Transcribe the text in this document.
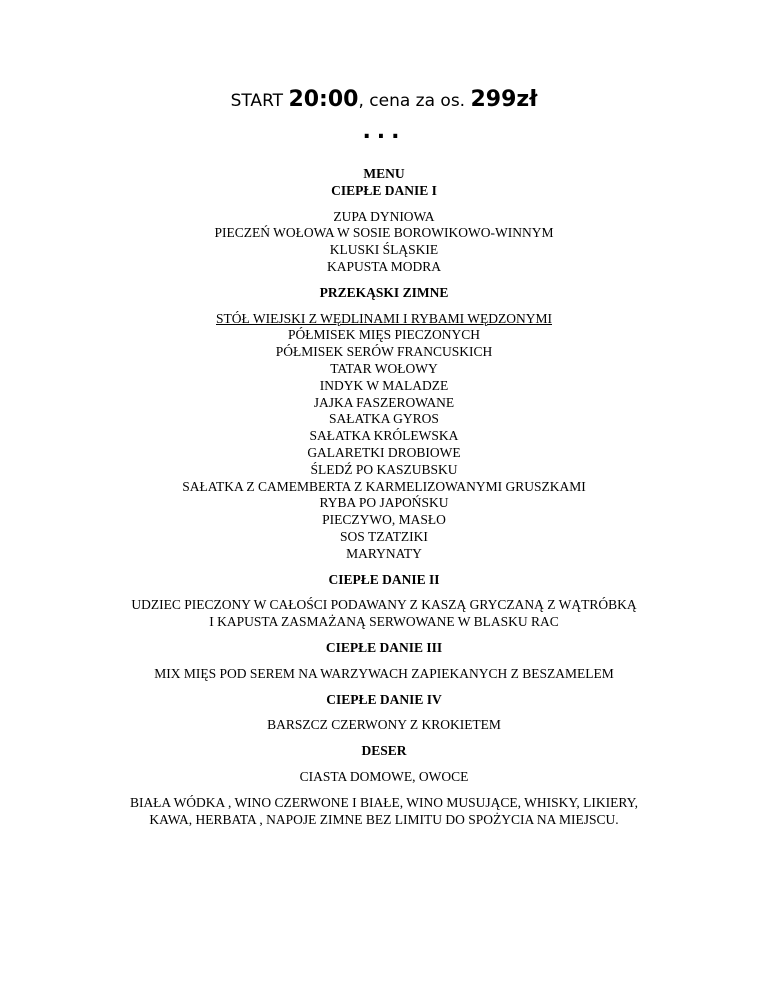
START 20:00, cena za os. 299zł
...
MENU
CIEPŁE DANIE I
ZUPA DYNIOWA
PIECZEŃ WOŁOWA W SOSIE BOROWIKOWO-WINNYM
KLUSKI ŚLĄSKIE
KAPUSTA MODRA
PRZEKĄSKI ZIMNE
STÓŁ WIEJSKI Z WĘDLINAMI I RYBAMI WĘDZONYMI
PÓŁMISEK MIĘS PIECZONYCH
PÓŁMISEK SERÓW FRANCUSKICH
TATAR WOŁOWY
INDYK W MALADZE
JAJKA FASZEROWANE
SAŁATKA GYROS
SAŁATKA KRÓLEWSKA
GALARETKI DROBIOWE
ŚLEDŹ PO KASZUBSKU
SAŁATKA Z CAMEMBERTA Z KARMELIZOWANYMI GRUSZKAMI
RYBA PO JAPOŃSKU
PIECZYWO, MASŁO
SOS TZATZIKI
MARYNATY
CIEPŁE DANIE II
UDZIEC PIECZONY W CAŁOŚCI PODAWANY Z KASZĄ GRYCZANĄ Z WĄTRÓBKĄ
I KAPUSTA ZASMAŻANĄ SERWOWANE W BLASKU RAC
CIEPŁE DANIE III
MIX MIĘS POD SEREM NA WARZYWACH ZAPIEKANYCH Z BESZAMELEM
CIEPŁE DANIE IV
BARSZCZ CZERWONY Z KROKIETEM
DESER
CIASTA DOMOWE, OWOCE
BIAŁA WÓDKA , WINO CZERWONE I BIAŁE, WINO MUSUJĄCE, WHISKY, LIKIERY,
KAWA, HERBATA , NAPOJE ZIMNE BEZ LIMITU DO SPOŻYCIA NA MIEJSCU.
